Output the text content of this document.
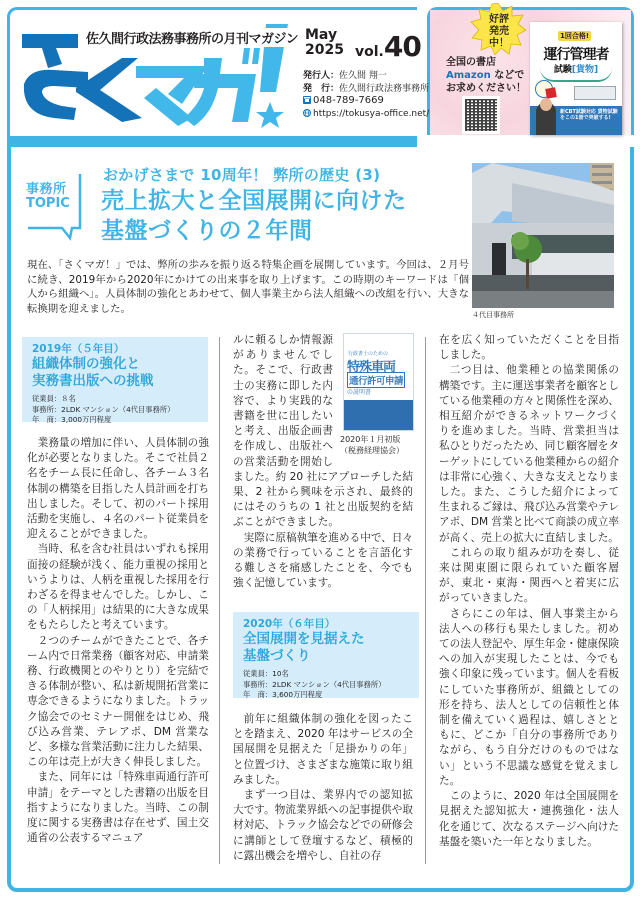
佐久間行政法務事務所の月刊マガジン May
2025 vol.40
発行人：佐久間 翔一
発　行：佐久間行政法務事務所
048-789-7669
https://tokusya-office.net/
好評
発売中！
全国の書店
Amazon などで
お求めください！
1回合格!
運行管理者
試験[貨物]
新CBT試験対応 貨物試験をこの1冊で突破する!
事務所
TOPIC
おかげさまで 10周年！ 弊所の歴史 (3)
売上拡大と全国展開に向けた
基盤づくりの２年間
４代目事務所
現在、「さくマガ！」では、弊所の歩みを振り返る特集企画を展開しています。今回は、２月号に続き、2019年から2020年にかけての出来事を取り上げます。この時期のキーワードは「個人から組織へ」。人員体制の強化とあわせて、個人事業主から法人組織への改組を行い、大きな転換期を迎えました。
2019年（５年目）
組織体制の強化と
実務書出版への挑戦
従業員：８名
事務所：2LDK マンション（4代目事務所）
年　商：3,000万円程度

業務量の増加に伴い、人員体制の強化が必要となりました。そこで社員２名をチーム長に任命し、各チーム３名体制の構築を目指した人員計画を打ち出しました。そして、初のパート採用活動を実施し、４名のパート従業員を迎えることができました。

当時、私を含む社員はいずれも採用面接の経験が浅く、能力重視の採用というよりは、人柄を重視した採用を行わざるを得ませんでした。しかし、この「人柄採用」は結果的に大きな成果をもたらしたと考えています。

２つのチームができたことで、各チーム内で日常業務（顧客対応、申請業務、行政機関とのやりとり）を完結できる体制が整い、私は新規開拓営業に専念できるようになりました。トラック協会でのセミナー開催をはじめ、飛び込み営業、テレアポ、DM 営業など、多様な営業活動に注力した結果、この年は売上が大きく伸長しました。

また、同年には「特殊車両通行許可申請」をテーマとした書籍の出版を目指すようになりました。当時、この制度に関する実務書は存在せず、国土交通省の公表するマニュア

行政書士のための
特殊車両
通行許可申請
の説明書
2020年１月初版
（税務経理協会）

ルに頼るしか情報源がありませんでした。そこで、行政書士の実務に即した内容で、より実践的な書籍を世に出したいと考え、出版企画書を作成し、出版社への営業活動を開始しました。約 20 社にアプローチした結果、2 社から興味を示され、最終的にはそのうちの 1 社と出版契約を結ぶことができました。

実際に原稿執筆を進める中で、日々の業務で行っていることを言語化する難しさを痛感したことを、今でも強く記憶しています。

2020年（６年目）
全国展開を見据えた
基盤づくり
従業員：10名
事務所：2LDK マンション（4代目事務所）
年　商：3,600万円程度

前年に組織体制の強化を図ったことを踏まえ、2020 年はサービスの全国展開を見据えた「足掛かりの年」と位置づけ、さまざまな施策に取り組みました。

まず一つ目は、業界内での認知拡大です。物流業界紙への記事提供や取材対応、トラック協会などでの研修会に講師として登壇するなど、積極的に露出機会を増やし、自社の存

在を広く知っていただくことを目指しました。

二つ目は、他業種との協業関係の構築です。主に運送事業者を顧客としている他業種の方々と関係性を深め、相互紹介ができるネットワークづくりを進めました。当時、営業担当は私ひとりだったため、同じ顧客層をターゲットにしている他業種からの紹介は非常に心強く、大きな支えとなりました。また、こうした紹介によって生まれるご縁は、飛び込み営業やテレアポ、DM 営業と比べて商談の成立率が高く、売上の拡大に直結しました。

これらの取り組みが功を奏し、従来は関東圏に限られていた顧客層が、東北・東海・関西へと着実に広がっていきました。

さらにこの年は、個人事業主から法人への移行も果たしました。初めての法人登記や、厚生年金・健康保険への加入が実現したことは、今でも強く印象に残っています。個人を看板にしていた事務所が、組織としての形を持ち、法人としての信頼性と体制を備えていく過程は、嬉しさとともに、どこか「自分の事務所でありながら、もう自分だけのものではない」という不思議な感覚を覚えました。

このように、2020 年は全国展開を見据えた認知拡大・連携強化・法人化を通じて、次なるステージへ向けた基盤を築いた一年となりました。
